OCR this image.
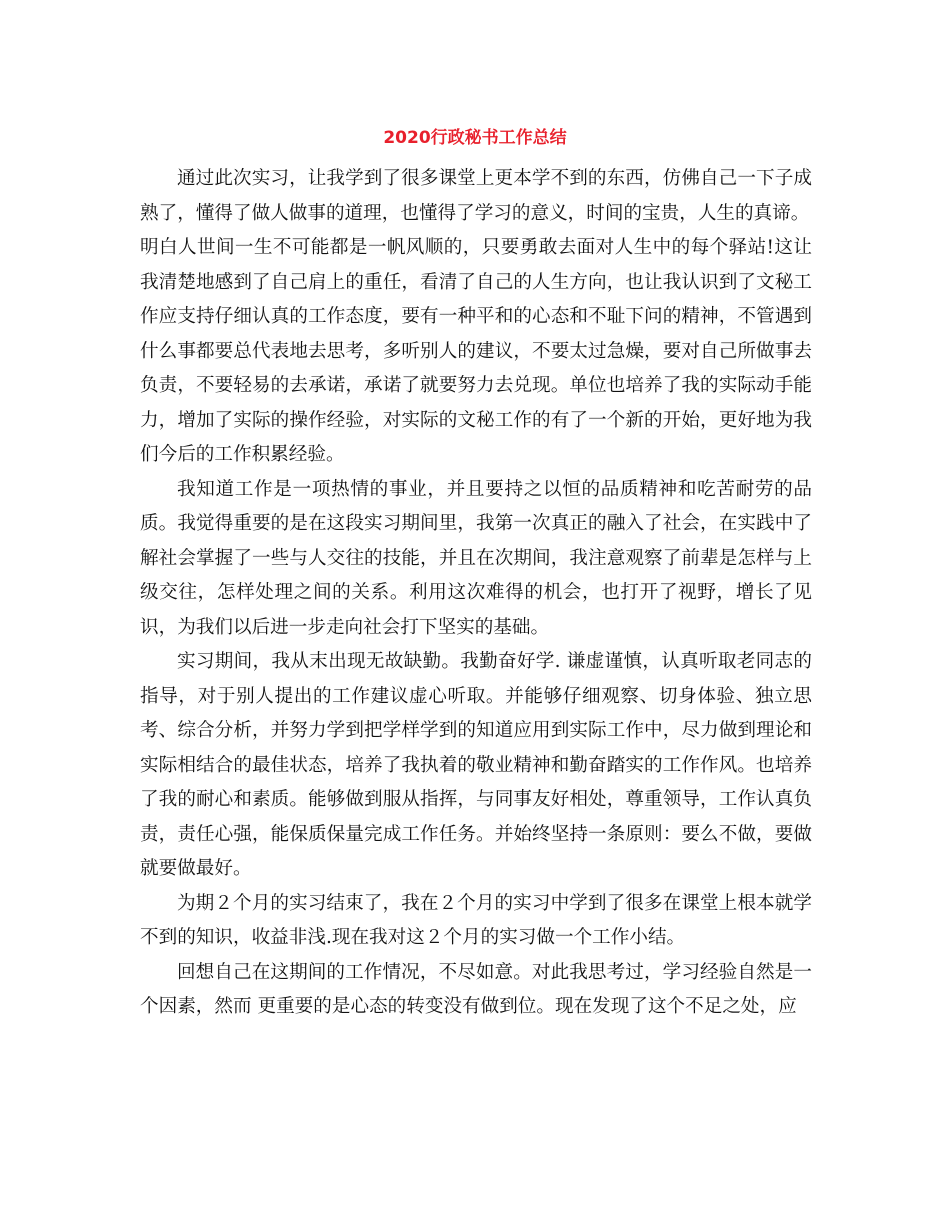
2020行政秘书工作总结

通过此次实习，让我学到了很多课堂上更本学不到的东西，仿佛自己一下子成熟了，懂得了做人做事的道理，也懂得了学习的意义，时间的宝贵，人生的真谛。

明白人世间一生不可能都是一帆风顺的，只要勇敢去面对人生中的每个驿站!这让我清楚地感到了自己肩上的重任，看清了自己的人生方向，也让我认识到了文秘工作应支持仔细认真的工作态度，要有一种平和的心态和不耻下问的精神，不管遇到什么事都要总代表地去思考，多听别人的建议，不要太过急燥，要对自己所做事去负责，不要轻易的去承诺，承诺了就要努力去兑现。单位也培养了我的实际动手能力，增加了实际的操作经验，对实际的文秘工作的有了一个新的开始，更好地为我们今后的工作积累经验。

我知道工作是一项热情的事业，并且要持之以恒的品质精神和吃苦耐劳的品质。我觉得重要的是在这段实习期间里，我第一次真正的融入了社会，在实践中了解社会掌握了一些与人交往的技能，并且在次期间，我注意观察了前辈是怎样与上级交往，怎样处理之间的关系。利用这次难得的机会，也打开了视野，增长了见识，为我们以后进一步走向社会打下坚实的基础。

实习期间，我从末出现无故缺勤。我勤奋好学. 谦虚谨慎，认真听取老同志的指导，对于别人提出的工作建议虚心听取。并能够仔细观察、切身体验、独立思考、综合分析，并努力学到把学样学到的知道应用到实际工作中，尽力做到理论和实际相结合的最佳状态，培养了我执着的敬业精神和勤奋踏实的工作作风。也培养了我的耐心和素质。能够做到服从指挥，与同事友好相处，尊重领导，工作认真负责，责任心强，能保质保量完成工作任务。并始终坚持一条原则：要么不做，要做就要做最好。

为期２个月的实习结束了，我在２个月的实习中学到了很多在课堂上根本就学不到的知识，收益非浅.现在我对这２个月的实习做一个工作小结。

回想自己在这期间的工作情况，不尽如意。对此我思考过，学习经验自然是一个因素，然而 更重要的是心态的转变没有做到位。现在发现了这个不足之处，应
